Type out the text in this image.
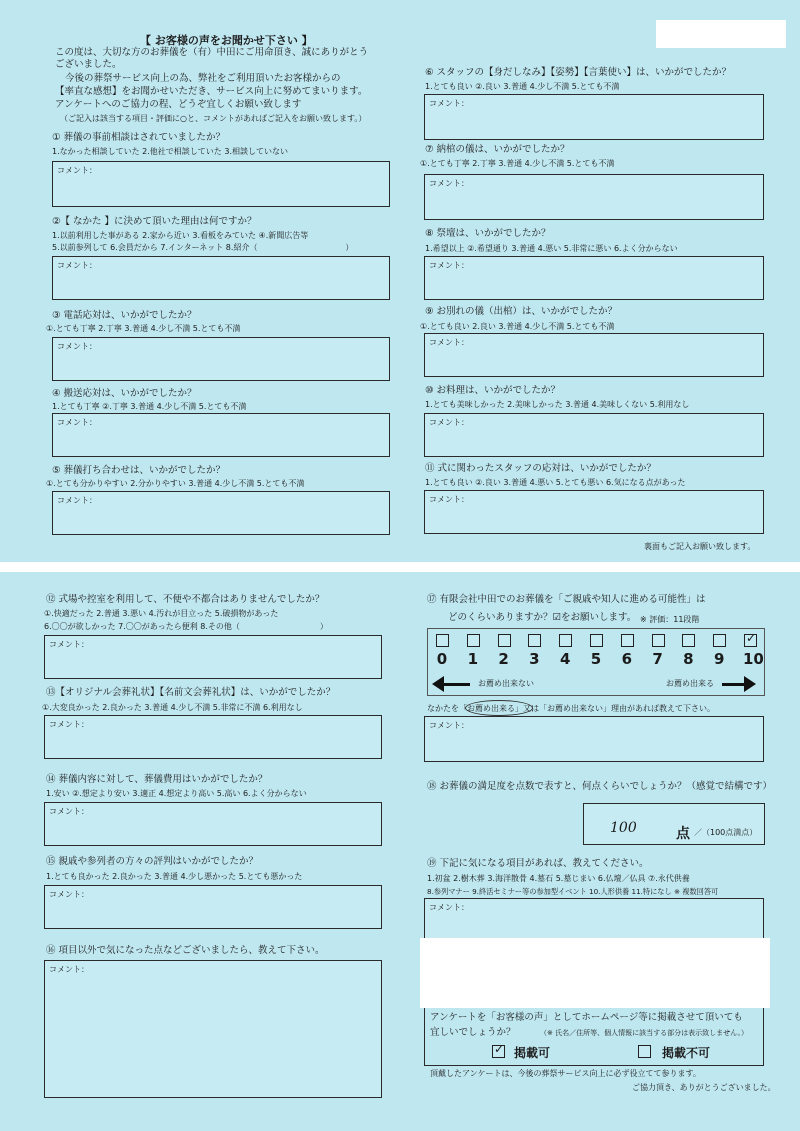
【 お客様の声をお聞かせ下さい 】
この度は、大切な方のお葬儀を（有）中田にご用命頂き、誠にありがとう
ございました。
今後の葬祭サービス向上の為、弊社をご利用頂いたお客様からの
【率直な感想】をお聞かせいただき、サービス向上に努めてまいります。
アンケートへのご協力の程、どうぞ宜しくお願い致します
（ご記入は該当する項目・評価に○と、コメントがあればご記入をお願い致します。）
① 葬儀の事前相談はされていましたか？
1.なかった相談していた 2.他社で相談していた 3.相談していない
コメント：
②【 なかた 】に決めて頂いた理由は何ですか？
1.以前利用した事がある 2.家から近い 3.看板をみていた ④.新聞広告等
5.以前参列して 6.会員だから 7.インターネット 8.紹介（　　　　　　　　　　　）
コメント：
③ 電話応対は、いかがでしたか？
①.とても丁寧 2.丁寧 3.普通 4.少し不満 5.とても不満
コメント：
④ 搬送応対は、いかがでしたか？
1.とても丁寧 ②.丁寧 3.普通 4.少し不満 5.とても不満
コメント：
⑤ 葬儀打ち合わせは、いかがでしたか？
①.とても分かりやすい 2.分かりやすい 3.普通 4.少し不満 5.とても不満
コメント：
⑥ スタッフの【身だしなみ】【姿勢】【言葉使い】は、いかがでしたか？
1.とても良い ②.良い 3.普通 4.少し不満 5.とても不満
コメント：
⑦ 納棺の儀は、いかがでしたか？
①.とても丁寧 2.丁寧 3.普通 4.少し不満 5.とても不満
コメント：
⑧ 祭壇は、いかがでしたか？
1.希望以上 ②.希望通り 3.普通 4.悪い 5.非常に悪い 6.よく分からない
コメント：
⑨ お別れの儀（出棺）は、いかがでしたか？
①.とても良い 2.良い 3.普通 4.少し不満 5.とても不満
コメント：
⑩ お料理は、いかがでしたか？
1.とても美味しかった 2.美味しかった 3.普通 4.美味しくない 5.利用なし
コメント：
⑪ 式に関わったスタッフの応対は、いかがでしたか？
1.とても良い ②.良い 3.普通 4.悪い 5.とても悪い 6.気になる点があった
コメント：
裏面もご記入お願い致します。
⑫ 式場や控室を利用して、不便や不都合はありませんでしたか？
①.快適だった 2.普通 3.悪い 4.汚れが目立った 5.破損物があった
6.〇〇が欲しかった 7.〇〇があったら便利 8.その他（　　　　　　　　　　）
コメント：
⑬【オリジナル会葬礼状】【名前文会葬礼状】は、いかがでしたか？
①.大変良かった 2.良かった 3.普通 4.少し不満 5.非常に不満 6.利用なし
コメント：
⑭ 葬儀内容に対して、葬儀費用はいかがでしたか？
1.安い ②.想定より安い 3.適正 4.想定より高い 5.高い 6.よく分からない
コメント：
⑮ 親戚や参列者の方々の評判はいかがでしたか？
1.とても良かった 2.良かった 3.普通 4.少し悪かった 5.とても悪かった
コメント：
⑯ 項目以外で気になった点などございましたら、教えて下さい。
コメント：
⑰ 有限会社中田でのお葬儀を「ご親戚や知人に進める可能性」は
どのくらいありますか？☑をお願いします。 ※ 評価：11段階
お薦め出来ない	お薦め出来る
なかたを「お薦め出来る」又は「お薦め出来ない」理由があれば教えて下さい。
コメント：
⑱ お葬儀の満足度を点数で表すと、何点くらいでしょうか？（感覚で結構です）
100	点 ／（100点満点）
⑲ 下記に気になる項目があれば、教えてください。
1.初盆 2.樹木葬 3.海洋散骨 4.墓石 5.墓じまい 6.仏壇／仏具 ⑦.永代供養
8.参列マナー 9.終活セミナー等の参加型イベント 10.人形供養 11.特になし ※ 複数回答可
コメント：
アンケートを「お客様の声」としてホームページ等に掲載させて頂いても
宜しいでしょうか？	（※ 氏名／住所等、個人情報に該当する部分は表示致しません。）
✓ 掲載可	掲載不可
頂戴したアンケートは、今後の葬祭サービス向上に必ず役立てて参ります。
ご協力頂き、ありがとうございました。
0 1 2 3 4 5 6 7 8 9
✓
10
